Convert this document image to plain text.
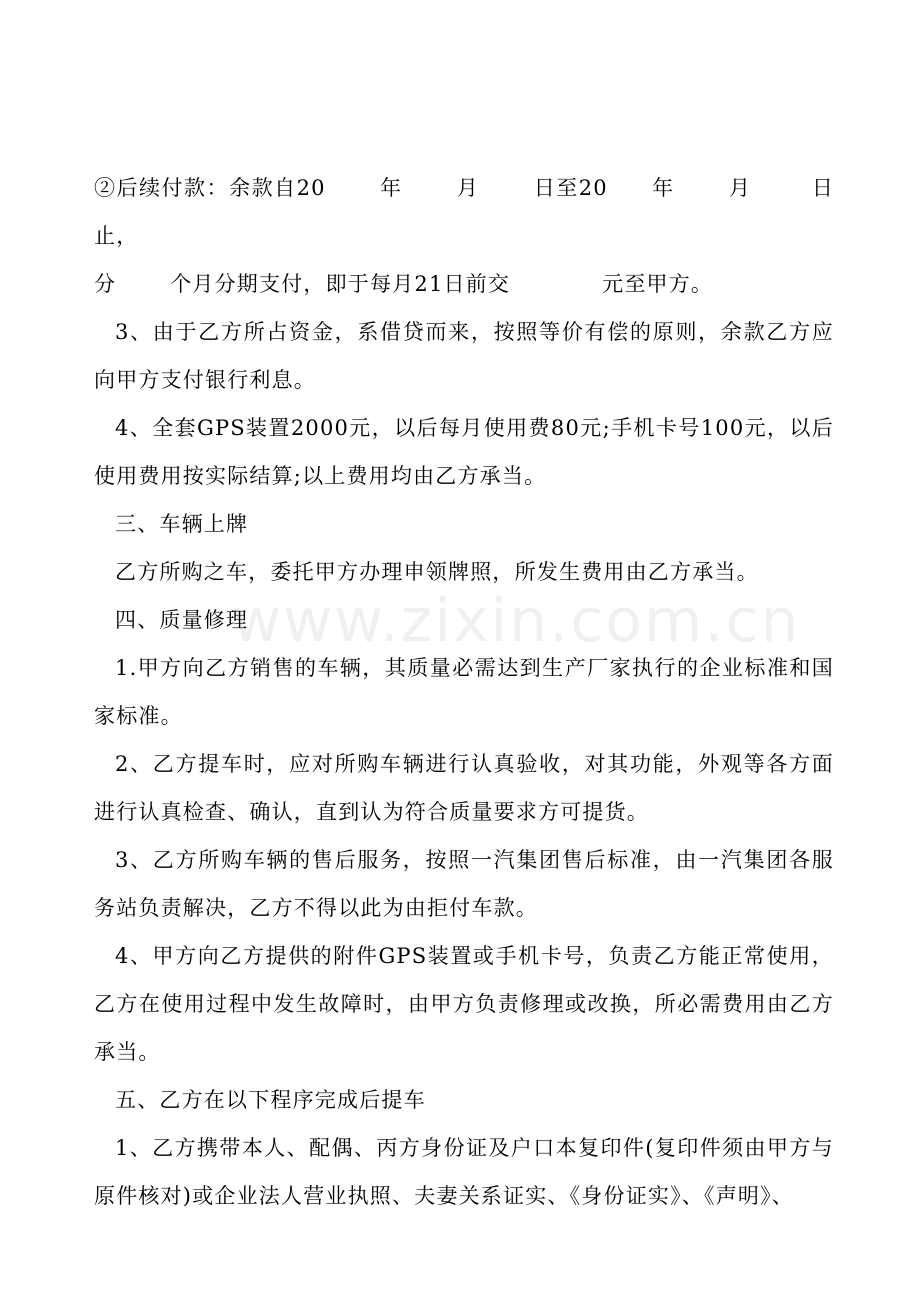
www.zixin.com.cn

②后续付款：余款自20	年	月	日至20 年	月	日止，

分	个月分期支付，即于每月21日前交	元至甲方。

3、由于乙方所占资金，系借贷而来，按照等价有偿的原则，余款乙方应向甲方支付银行利息。

4、全套GPS装置2000元，以后每月使用费80元;手机卡号100元，以后使用费用按实际结算;以上费用均由乙方承当。

三、车辆上牌

乙方所购之车，委托甲方办理申领牌照，所发生费用由乙方承当。

四、质量修理

1.甲方向乙方销售的车辆，其质量必需达到生产厂家执行的企业标准和国家标准。

2、乙方提车时，应对所购车辆进行认真验收，对其功能，外观等各方面进行认真检查、确认，直到认为符合质量要求方可提货。

3、乙方所购车辆的售后服务，按照一汽集团售后标准，由一汽集团各服务站负责解决，乙方不得以此为由拒付车款。

4、甲方向乙方提供的附件GPS装置或手机卡号，负责乙方能正常使用，乙方在使用过程中发生故障时，由甲方负责修理或改换，所必需费用由乙方承当。

五、乙方在以下程序完成后提车

1、乙方携带本人、配偶、丙方身份证及户口本复印件(复印件须由甲方与原件核对)或企业法人营业执照、夫妻关系证实、《身份证实》、《声明》、
